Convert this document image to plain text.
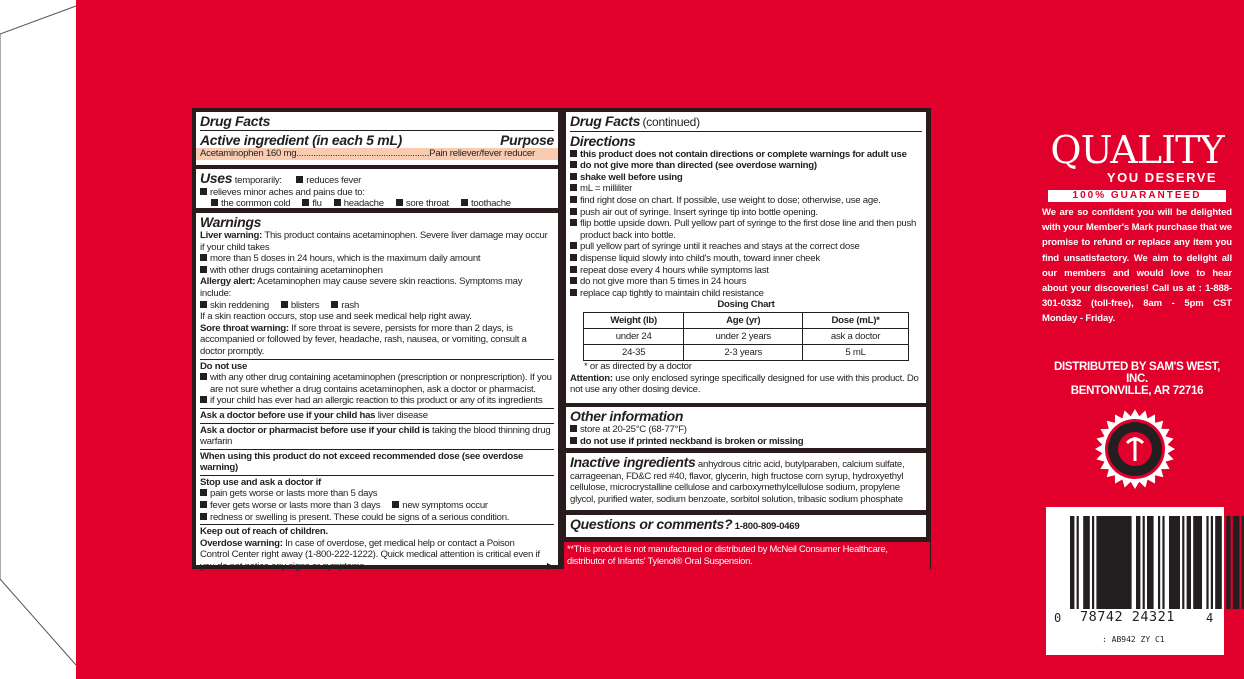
Drug Facts
Active ingredient (in each 5 mL)	Purpose
Acetaminophen 160 mg.......................................................Pain reliever/fever reducer
Uses temporarily:	reduces fever
relieves minor aches and pains due to:
the common cold flu headache sore throat toothache
Warnings
Liver warning: This product contains acetaminophen. Severe liver damage may occur if your child takes
more than 5 doses in 24 hours, which is the maximum daily amount
with other drugs containing acetaminophen
Allergy alert: Acetaminophen may cause severe skin reactions. Symptoms may include:
skin reddening blisters rash
If a skin reaction occurs, stop use and seek medical help right away.
Sore throat warning: If sore throat is severe, persists for more than 2 days, is accompanied or followed by fever, headache, rash, nausea, or vomiting, consult a doctor promptly.
Do not use
with any other drug containing acetaminophen (prescription or nonprescription). If you are not sure whether a drug contains acetaminophen, ask a doctor or pharmacist.
if your child has ever had an allergic reaction to this product or any of its ingredients
Ask a doctor before use if your child has liver disease
Ask a doctor or pharmacist before use if your child is taking the blood thinning drug warfarin
When using this product do not exceed recommended dose (see overdose warning)
Stop use and ask a doctor if
pain gets worse or lasts more than 5 days
fever gets worse or lasts more than 3 days new symptoms occur
redness or swelling is present. These could be signs of a serious condition.
Keep out of reach of children.
Overdose warning: In case of overdose, get medical help or contact a Poison Control Center right away (1-800-222-1222). Quick medical attention is critical even if you do not notice any signs or symptoms.	▶
Drug Facts (continued)
Directions
this product does not contain directions or complete warnings for adult use
do not give more than directed (see overdose warning)
shake well before using
mL = milliliter
find right dose on chart. If possible, use weight to dose; otherwise, use age.
push air out of syringe. Insert syringe tip into bottle opening.
flip bottle upside down. Pull yellow part of syringe to the first dose line and then push product back into bottle.
pull yellow part of syringe until it reaches and stays at the correct dose
dispense liquid slowly into child's mouth, toward inner cheek
repeat dose every 4 hours while symptoms last
do not give more than 5 times in 24 hours
replace cap tightly to maintain child resistance
Dosing Chart
Weight (lb)	Age (yr)	Dose (mL)*
under 24	under 2 years	ask a doctor
24-35	2-3 years	5 mL
* or as directed by a doctor
Attention: use only enclosed syringe specifically designed for use with this product. Do not use any other dosing device.
Other information
store at 20-25°C (68-77°F)
do not use if printed neckband is broken or missing
Inactive ingredients anhydrous citric acid, butylparaben, calcium sulfate, carrageenan, FD&C red #40, flavor, glycerin, high fructose corn syrup, hydroxyethyl cellulose, microcrystalline cellulose and carboxymethylcellulose sodium, propylene glycol, purified water, sodium benzoate, sorbitol solution, tribasic sodium phosphate
Questions or comments? 1-800-809-0469
**This product is not manufactured or distributed by McNeil Consumer Healthcare, distributor of Infants' Tylenol® Oral Suspension.
QUALITY
YOU DESERVE
100% GUARANTEED
We are so confident you will be delighted with your Member's Mark purchase that we promise to refund or replace any item you find unsatisfactory. We aim to delight all our members and would love to hear about your discoveries! Call us at : 1-888-301-0332 (toll-free), 8am - 5pm CST Monday - Friday.
DISTRIBUTED BY SAM'S WEST, INC.
BENTONVILLE, AR 72716
0 78742 24321	4
: AB942 ZY C1
